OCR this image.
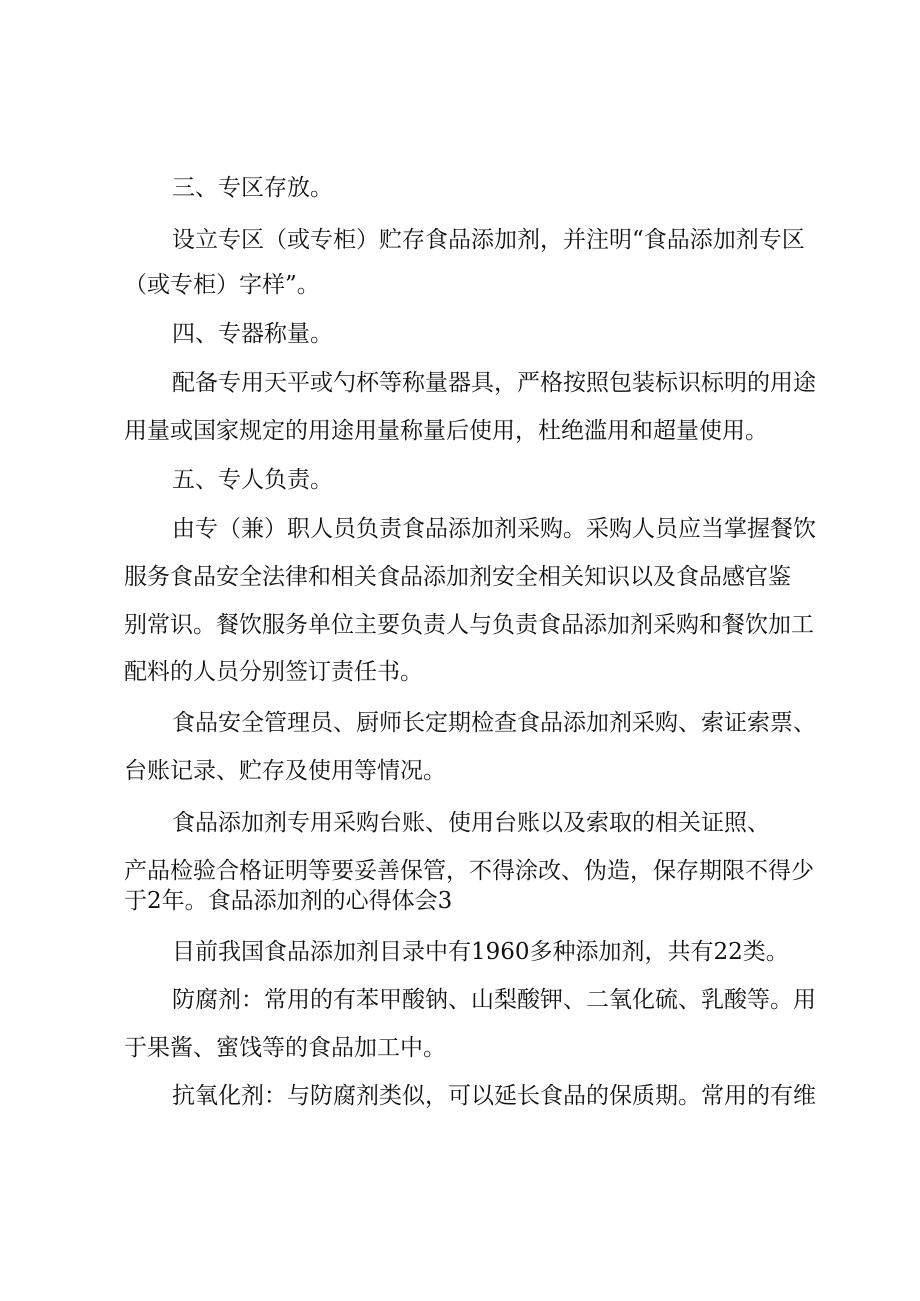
三、专区存放。

设立专区（或专柜）贮存食品添加剂，并注明“食品添加剂专区

（或专柜）字样”。

四、专器称量。

配备专用天平或勺杯等称量器具，严格按照包装标识标明的用途

用量或国家规定的用途用量称量后使用，杜绝滥用和超量使用。

五、专人负责。

由专（兼）职人员负责食品添加剂采购。采购人员应当掌握餐饮

服务食品安全法律和相关食品添加剂安全相关知识以及食品感官鉴

别常识。餐饮服务单位主要负责人与负责食品添加剂采购和餐饮加工

配料的人员分别签订责任书。

食品安全管理员、厨师长定期检查食品添加剂采购、索证索票、

台账记录、贮存及使用等情况。

食品添加剂专用采购台账、使用台账以及索取的相关证照、

产品检验合格证明等要妥善保管，不得涂改、伪造，保存期限不得少

于2年。食品添加剂的心得体会3

目前我国食品添加剂目录中有1960多种添加剂，共有22类。

防腐剂：常用的有苯甲酸钠、山梨酸钾、二氧化硫、乳酸等。用

于果酱、蜜饯等的食品加工中。

抗氧化剂：与防腐剂类似，可以延长食品的保质期。常用的有维
